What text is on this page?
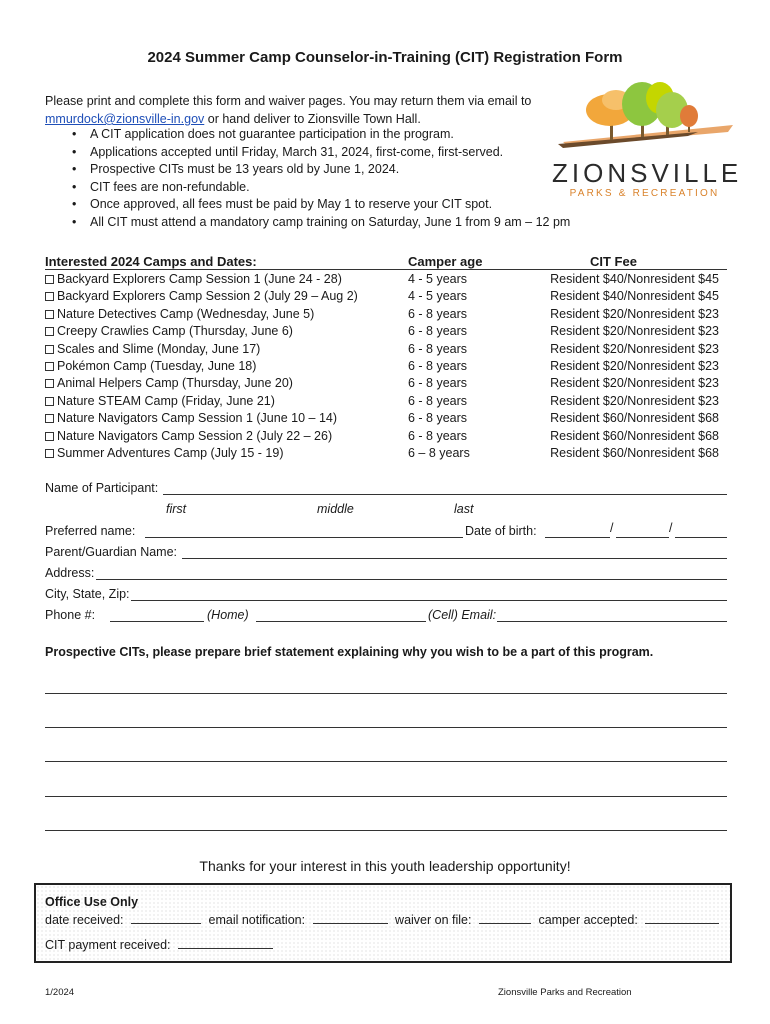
2024 Summer Camp Counselor-in-Training (CIT) Registration Form
Please print and complete this form and waiver pages. You may return them via email to
mmurdock@zionsville-in.gov or hand deliver to Zionsville Town Hall.
• A CIT application does not guarantee participation in the program.
• Applications accepted until Friday, March 31, 2024, first-come, first-served.
• Prospective CITs must be 13 years old by June 1, 2024.
• CIT fees are non-refundable.
• Once approved, all fees must be paid by May 1 to reserve your CIT spot.
• All CIT must attend a mandatory camp training on Saturday, June 1 from 9 am – 12 pm
ZIONSVILLE
PARKS & RECREATION
Interested 2024 Camps and Dates:	Camper age	CIT Fee
Backyard Explorers Camp Session 1 (June 24 - 28)	4 - 5 years	Resident $40/Nonresident $45
Backyard Explorers Camp Session 2 (July 29 – Aug 2)	4 - 5 years	Resident $40/Nonresident $45
Nature Detectives Camp (Wednesday, June 5)	6 - 8 years	Resident $20/Nonresident $23
Creepy Crawlies Camp (Thursday, June 6)	6 - 8 years	Resident $20/Nonresident $23
Scales and Slime (Monday, June 17)	6 - 8 years	Resident $20/Nonresident $23
Pokémon Camp (Tuesday, June 18)	6 - 8 years	Resident $20/Nonresident $23
Animal Helpers Camp (Thursday, June 20)	6 - 8 years	Resident $20/Nonresident $23
Nature STEAM Camp (Friday, June 21)	6 - 8 years	Resident $20/Nonresident $23
Nature Navigators Camp Session 1 (June 10 – 14)	6 - 8 years	Resident $60/Nonresident $68
Nature Navigators Camp Session 2 (July 22 – 26)	6 - 8 years	Resident $60/Nonresident $68
Summer Adventures Camp (July 15 - 19)	6 – 8 years	Resident $60/Nonresident $68
Name of Participant:
first	middle	last
Preferred name:	Date of birth:	/	/
Parent/Guardian Name:
Address:
City, State, Zip:
Phone #:	(Home)	(Cell) Email:
Prospective CITs, please prepare brief statement explaining why you wish to be a part of this program.
Thanks for your interest in this youth leadership opportunity!
Office Use Only
date received:	email notification:	waiver on file:	camper accepted:
CIT payment received:
1/2024	Zionsville Parks and Recreation
